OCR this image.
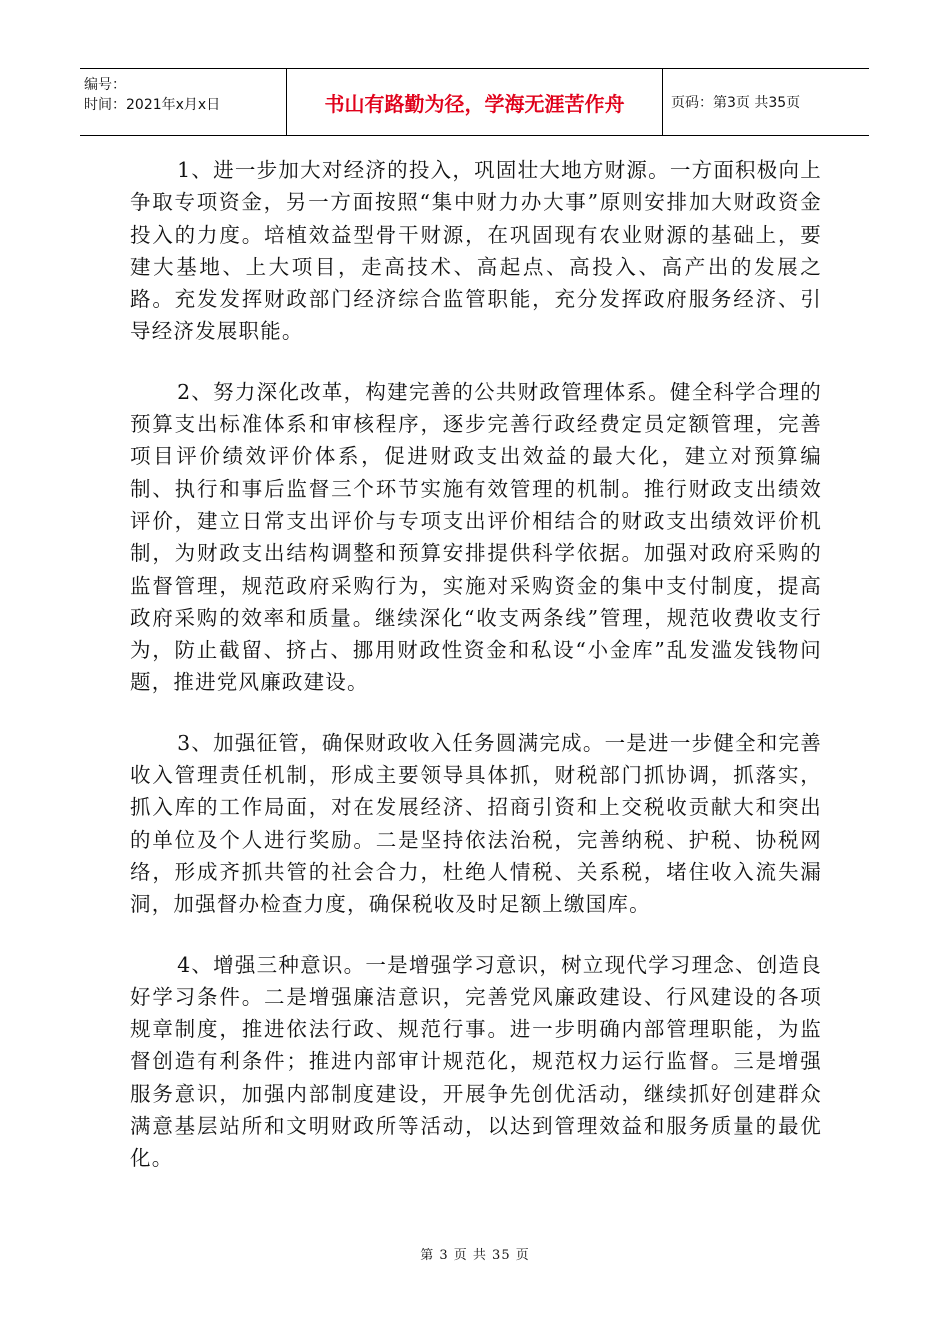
编号：
时间：2021年x月x日	书山有路勤为径，学海无涯苦作舟	页码：第3页 共35页

1、进一步加大对经济的投入，巩固壮大地方财源。一方面积极向上争取专项资金，另一方面按照“集中财力办大事”原则安排加大财政资金投入的力度。培植效益型骨干财源，在巩固现有农业财源的基础上，要建大基地、上大项目，走高技术、高起点、高投入、高产出的发展之路。充发发挥财政部门经济综合监管职能，充分发挥政府服务经济、引导经济发展职能。

2、努力深化改革，构建完善的公共财政管理体系。健全科学合理的预算支出标准体系和审核程序，逐步完善行政经费定员定额管理，完善项目评价绩效评价体系，促进财政支出效益的最大化，建立对预算编制、执行和事后监督三个环节实施有效管理的机制。推行财政支出绩效评价，建立日常支出评价与专项支出评价相结合的财政支出绩效评价机制，为财政支出结构调整和预算安排提供科学依据。加强对政府采购的监督管理，规范政府采购行为，实施对采购资金的集中支付制度，提高政府采购的效率和质量。继续深化“收支两条线”管理，规范收费收支行为，防止截留、挤占、挪用财政性资金和私设“小金库”乱发滥发钱物问题，推进党风廉政建设。

3、加强征管，确保财政收入任务圆满完成。一是进一步健全和完善收入管理责任机制，形成主要领导具体抓，财税部门抓协调，抓落实，抓入库的工作局面，对在发展经济、招商引资和上交税收贡献大和突出的单位及个人进行奖励。二是坚持依法治税，完善纳税、护税、协税网络，形成齐抓共管的社会合力，杜绝人情税、关系税，堵住收入流失漏洞，加强督办检查力度，确保税收及时足额上缴国库。

4、增强三种意识。一是增强学习意识，树立现代学习理念、创造良好学习条件。二是增强廉洁意识，完善党风廉政建设、行风建设的各项规章制度，推进依法行政、规范行事。进一步明确内部管理职能，为监督创造有利条件；推进内部审计规范化，规范权力运行监督。三是增强服务意识，加强内部制度建设，开展争先创优活动，继续抓好创建群众满意基层站所和文明财政所等活动，以达到管理效益和服务质量的最优化。

第 3 页 共 35 页
